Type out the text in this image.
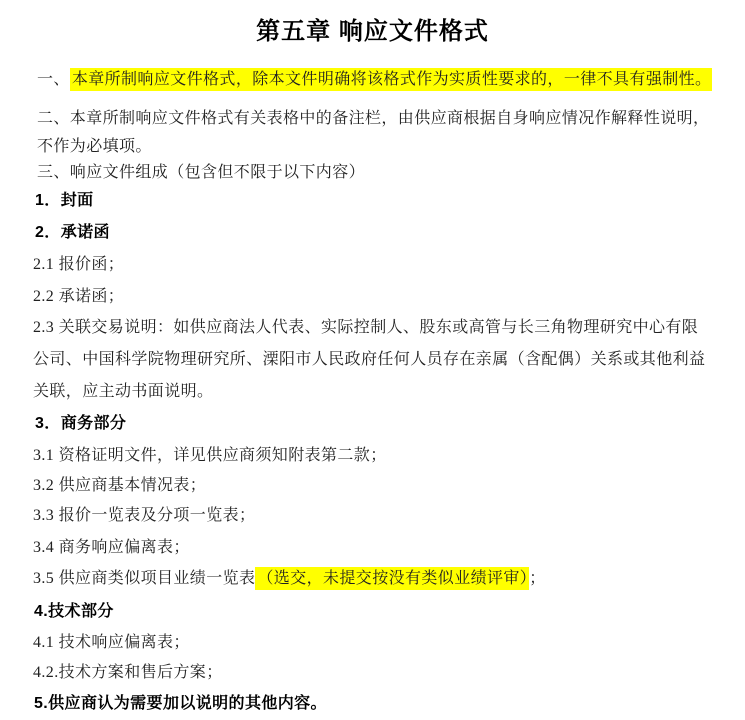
第五章 响应文件格式

一、 本章所制响应文件格式，除本文件明确将该格式作为实质性要求的，一律不具有强制性。

二、本章所制响应文件格式有关表格中的备注栏，由供应商根据自身响应情况作解释性说明，

不作为必填项。

三、响应文件组成（包含但不限于以下内容）

1．封面

2．承诺函

2.1 报价函；

2.2 承诺函；

2.3 关联交易说明：如供应商法人代表、实际控制人、股东或高管与长三角物理研究中心有限

公司、中国科学院物理研究所、溧阳市人民政府任何人员存在亲属（含配偶）关系或其他利益

关联，应主动书面说明。

3．商务部分

3.1 资格证明文件，详见供应商须知附表第二款；

3.2 供应商基本情况表；

3.3 报价一览表及分项一览表；

3.4 商务响应偏离表；

3.5 供应商类似项目业绩一览表 （选交，未提交按没有类似业绩评审）；

4.技术部分

4.1 技术响应偏离表；

4.2.技术方案和售后方案；

5.供应商认为需要加以说明的其他内容。
